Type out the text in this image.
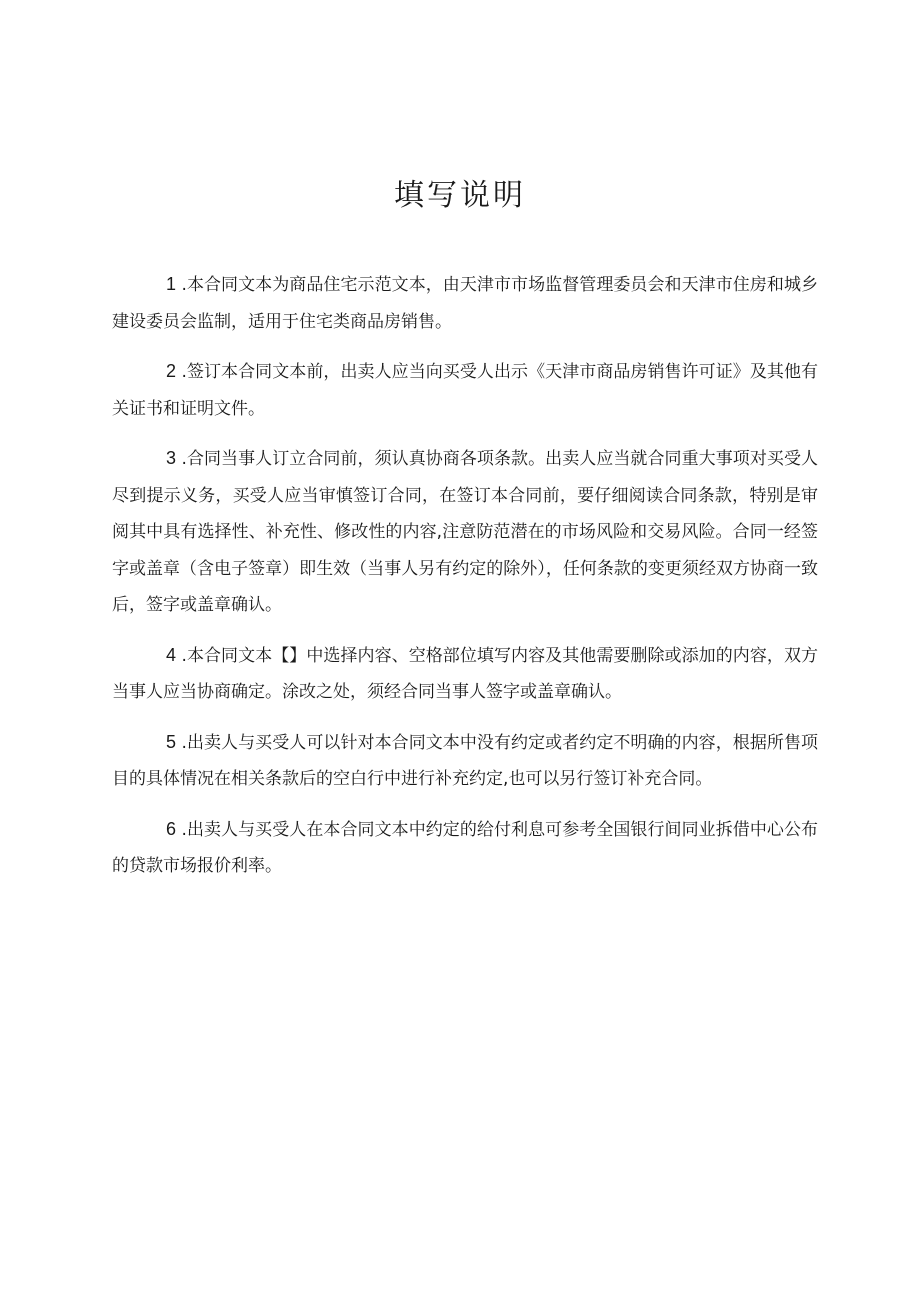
填写说明

1 .本合同文本为商品住宅示范文本，由天津市市场监督管理委员会和天津市住房和城乡建设委员会监制，适用于住宅类商品房销售。

2 .签订本合同文本前，出卖人应当向买受人出示《天津市商品房销售许可证》及其他有关证书和证明文件。

3 .合同当事人订立合同前，须认真协商各项条款。出卖人应当就合同重大事项对买受人尽到提示义务，买受人应当审慎签订合同，在签订本合同前，要仔细阅读合同条款，特别是审阅其中具有选择性、补充性、修改性的内容,注意防范潜在的市场风险和交易风险。合同一经签字或盖章（含电子签章）即生效（当事人另有约定的除外），任何条款的变更须经双方协商一致后，签字或盖章确认。

4 .本合同文本【】中选择内容、空格部位填写内容及其他需要删除或添加的内容，双方当事人应当协商确定。涂改之处，须经合同当事人签字或盖章确认。

5 .出卖人与买受人可以针对本合同文本中没有约定或者约定不明确的内容，根据所售项目的具体情况在相关条款后的空白行中进行补充约定,也可以另行签订补充合同。

6 .出卖人与买受人在本合同文本中约定的给付利息可参考全国银行间同业拆借中心公布的贷款市场报价利率。
